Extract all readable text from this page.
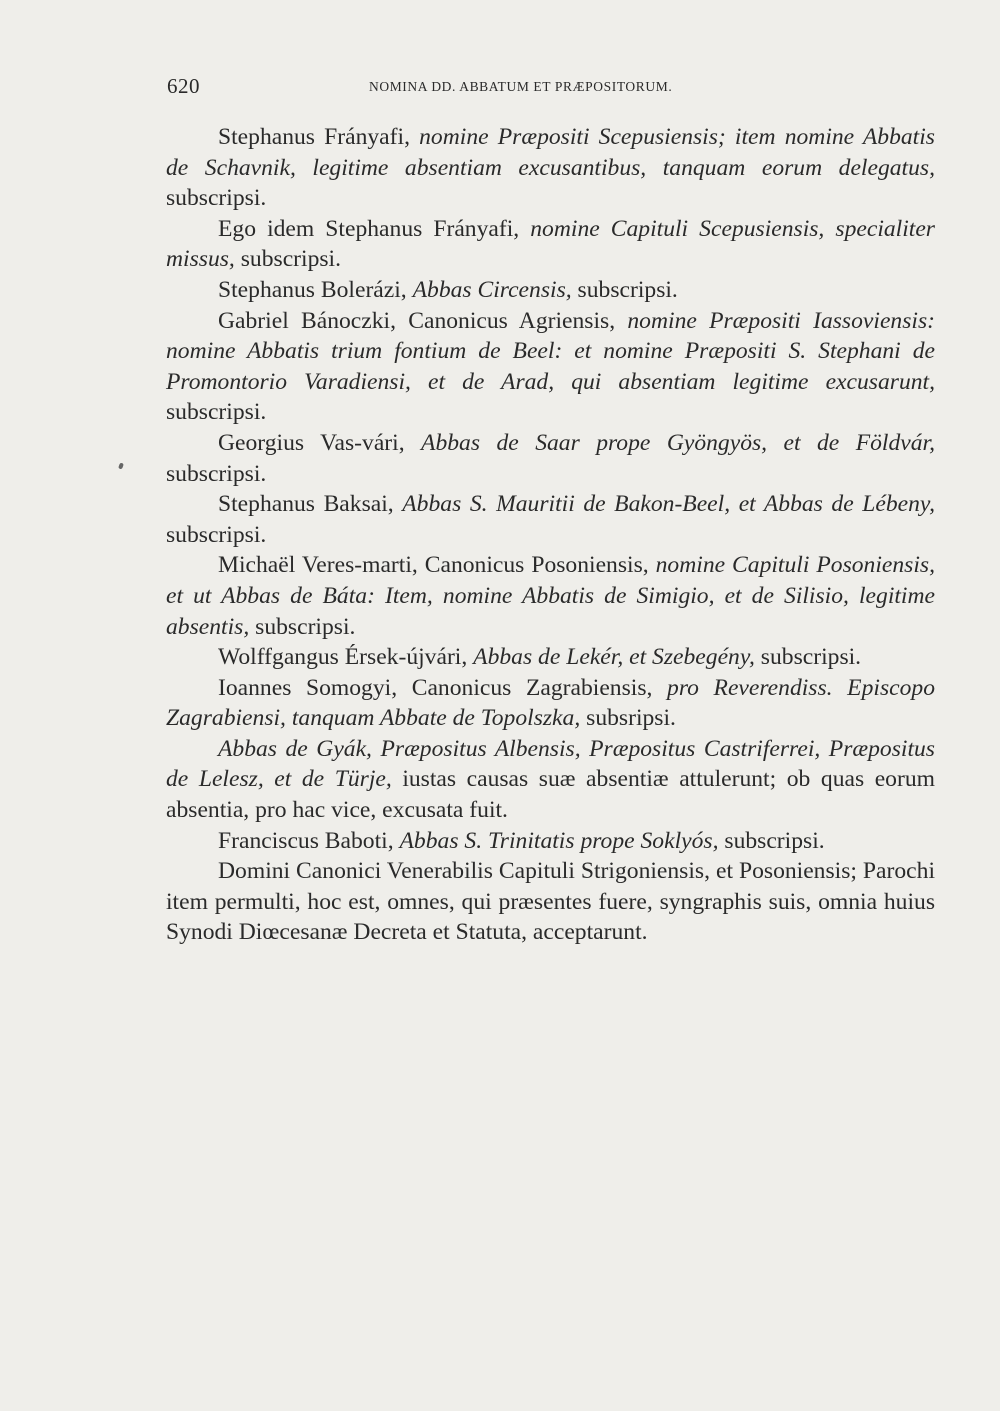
620	NOMINA DD. ABBATUM ET PRÆPOSITORUM.

Stephanus Frányafi, nomine Præpositi Scepusiensis; item nomine Abbatis de Schavnik, legitime absentiam excusantibus, tanquam eorum delegatus, subscripsi.

Ego idem Stephanus Frányafi, nomine Capituli Scepusiensis, specialiter missus, subscripsi.

Stephanus Bolerázi, Abbas Circensis, subscripsi.

Gabriel Bánoczki, Canonicus Agriensis, nomine Præpositi Iassoviensis: nomine Abbatis trium fontium de Beel: et nomine Præpositi S. Stephani de Promontorio Varadiensi, et de Arad, qui absentiam legitime excusarunt, subscripsi.

Georgius Vas-vári, Abbas de Saar prope Gyöngyös, et de Földvár, subscripsi.

Stephanus Baksai, Abbas S. Mauritii de Bakon-Beel, et Abbas de Lébeny, subscripsi.

Michaël Veres-marti, Canonicus Posoniensis, nomine Capituli Posoniensis, et ut Abbas de Báta: Item, nomine Abbatis de Simigio, et de Silisio, legitime absentis, subscripsi.

Wolffgangus Érsek-újvári, Abbas de Lekér, et Szebegény, subscripsi.

Ioannes Somogyi, Canonicus Zagrabiensis, pro Reverendiss. Episcopo Zagrabiensi, tanquam Abbate de Topolszka, subsripsi.

Abbas de Gyák, Præpositus Albensis, Præpositus Castriferrei, Præpositus de Lelesz, et de Türje, iustas causas suæ absentiæ attulerunt; ob quas eorum absentia, pro hac vice, excusata fuit.

Franciscus Baboti, Abbas S. Trinitatis prope Soklyós, subscripsi.

Domini Canonici Venerabilis Capituli Strigoniensis, et Posoniensis; Parochi item permulti, hoc est, omnes, qui præsentes fuere, syngraphis suis, omnia huius Synodi Diœcesanæ Decreta et Statuta, acceptarunt.
